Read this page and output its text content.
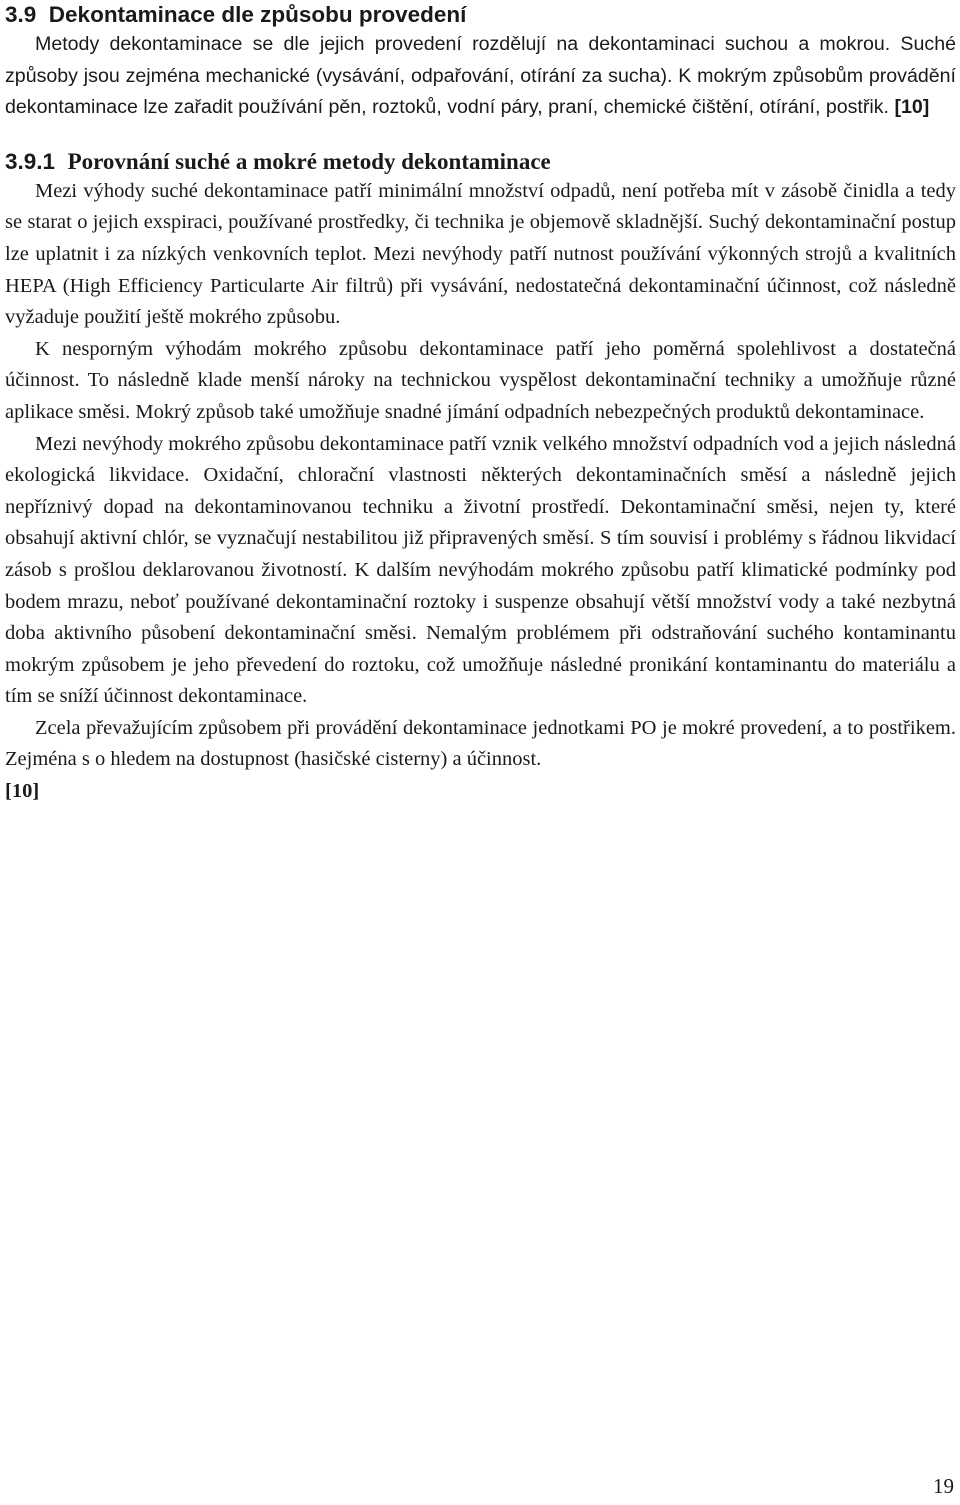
3.9 Dekontaminace dle způsobu provedení

Metody dekontaminace se dle jejich provedení rozdělují na dekontaminaci suchou a mokrou. Suché způsoby jsou zejména mechanické (vysávání, odpařování, otírání za sucha). K mokrým způsobům provádění dekontaminace lze zařadit používání pěn, roztoků, vodní páry, praní, chemické čištění, otírání, postřik. [10]

3.9.1 Porovnání suché a mokré metody dekontaminace

Mezi výhody suché dekontaminace patří minimální množství odpadů, není potřeba mít v zásobě činidla a tedy se starat o jejich exspiraci, používané prostředky, či technika je objemově skladnější. Suchý dekontaminační postup lze uplatnit i za nízkých venkovních teplot. Mezi nevýhody patří nutnost používání výkonných strojů a kvalitních HEPA (High Efficiency Particularte Air filtrů) při vysávání, nedostatečná dekontaminační účinnost, což následně vyžaduje použití ještě mokrého způsobu.

K nesporným výhodám mokrého způsobu dekontaminace patří jeho poměrná spolehlivost a dostatečná účinnost. To následně klade menší nároky na technickou vyspělost dekontaminační techniky a umožňuje různé aplikace směsi. Mokrý způsob také umožňuje snadné jímání odpadních nebezpečných produktů dekontaminace.

Mezi nevýhody mokrého způsobu dekontaminace patří vznik velkého množství odpadních vod a jejich následná ekologická likvidace. Oxidační, chlorační vlastnosti některých dekontaminačních směsí a následně jejich nepříznivý dopad na dekontaminovanou techniku a životní prostředí. Dekontaminační směsi, nejen ty, které obsahují aktivní chlór, se vyznačují nestabilitou již připravených směsí. S tím souvisí i problémy s řádnou likvidací zásob s prošlou deklarovanou životností. K dalším nevýhodám mokrého způsobu patří klimatické podmínky pod bodem mrazu, neboť používané dekontaminační roztoky i suspenze obsahují větší množství vody a také nezbytná doba aktivního působení dekontaminační směsi. Nemalým problémem při odstraňování suchého kontaminantu mokrým způsobem je jeho převedení do roztoku, což umožňuje následné pronikání kontaminantu do materiálu a tím se sníží účinnost dekontaminace.

Zcela převažujícím způsobem při provádění dekontaminace jednotkami PO je mokré provedení, a to postřikem. Zejména s o hledem na dostupnost (hasičské cisterny) a účinnost.

[10]
19
